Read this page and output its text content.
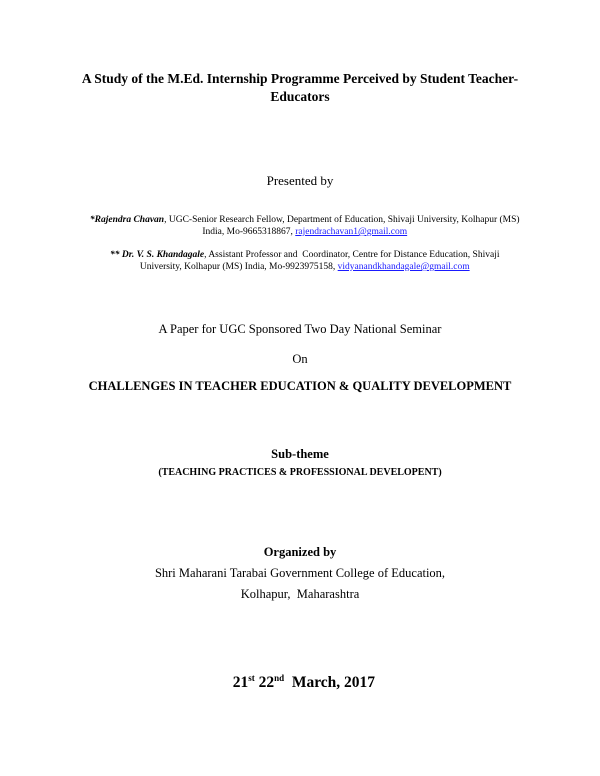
A Study of the M.Ed. Internship Programme Perceived by Student Teacher-
Educators
Presented by

*Rajendra Chavan, UGC-Senior Research Fellow, Department of Education, Shivaji University, Kolhapur (MS)

India, Mo-9665318867, rajendrachavan1@gmail.com

** Dr. V. S. Khandagale, Assistant Professor and  Coordinator, Centre for Distance Education, Shivaji

University, Kolhapur (MS) India, Mo-9923975158, vidyanandkhandagale@gmail.com

A Paper for UGC Sponsored Two Day National Seminar
On
CHALLENGES IN TEACHER EDUCATION & QUALITY DEVELOPMENT
Sub-theme
(TEACHING PRACTICES & PROFESSIONAL DEVELOPENT)
Organized by
Shri Maharani Tarabai Government College of Education,
Kolhapur,  Maharashtra

21st 22nd  March, 2017
